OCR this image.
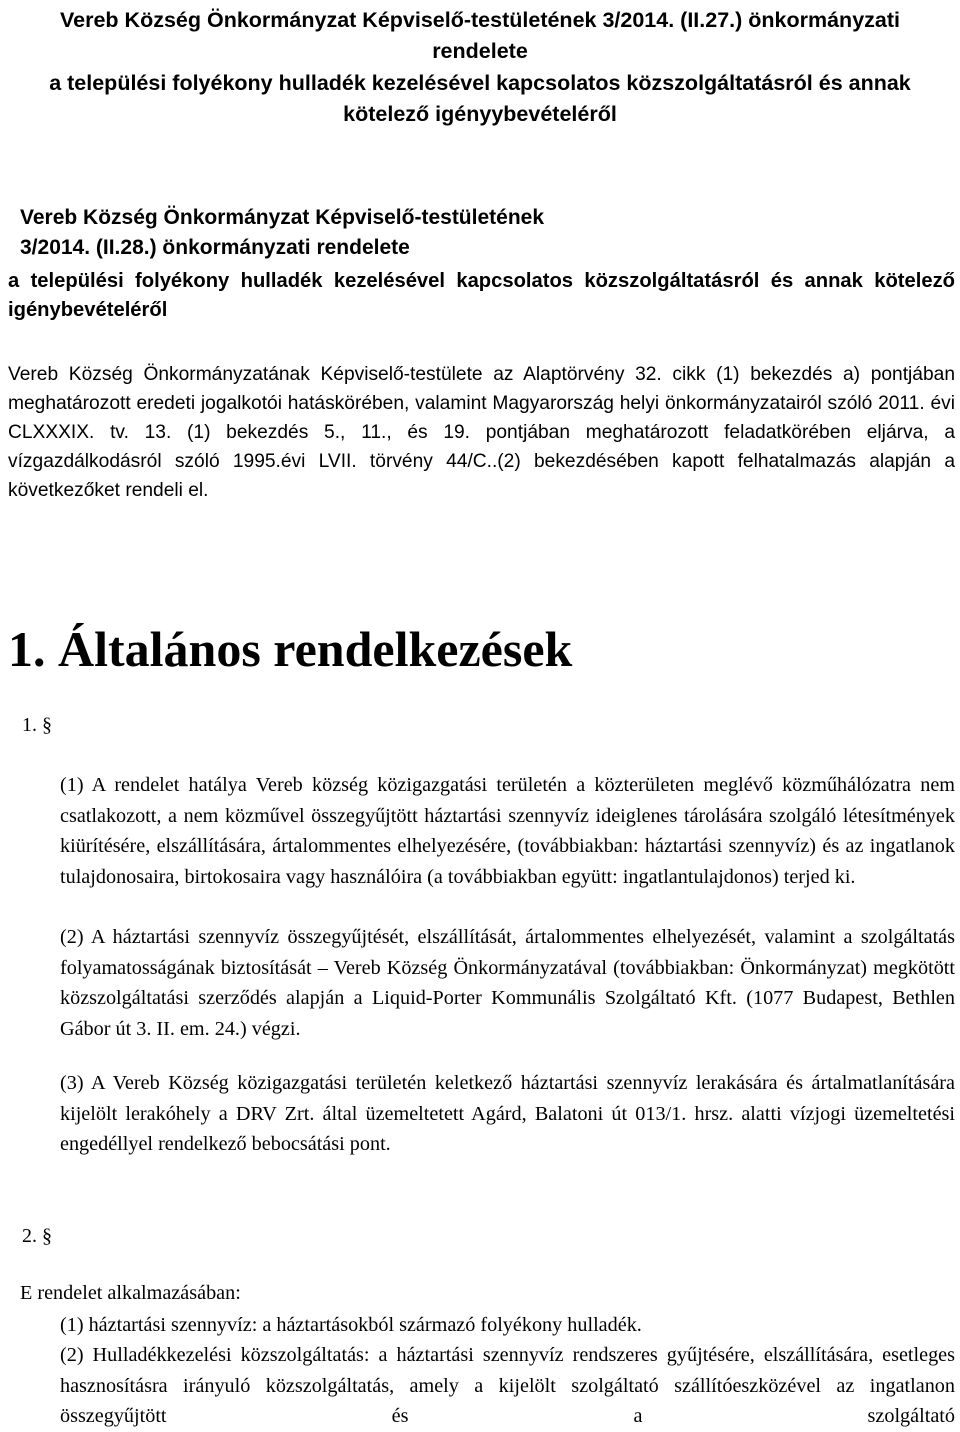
Vereb Község Önkormányzat Képviselő-testületének 3/2014. (II.27.) önkormányzati

rendelete

a települési folyékony hulladék kezelésével kapcsolatos közszolgáltatásról és annak

kötelező igényybevételéről

Vereb Község Önkormányzat Képviselő-testületének

3/2014. (II.28.) önkormányzati rendelete

a települési folyékony hulladék kezelésével kapcsolatos közszolgáltatásról és annak kötelező igénybevételéről

Vereb Község Önkormányzatának Képviselő-testülete az Alaptörvény 32. cikk (1) bekezdés a) pontjában meghatározott eredeti jogalkotói hatáskörében, valamint Magyarország helyi önkormányzatairól szóló 2011. évi CLXXXIX. tv. 13. (1) bekezdés 5., 11., és 19. pontjában meghatározott feladatkörében eljárva, a vízgazdálkodásról szóló 1995.évi LVII. törvény 44/C..(2) bekezdésében kapott felhatalmazás alapján a következőket rendeli el.

1. Általános rendelkezések

1. §

(1) A rendelet hatálya Vereb község közigazgatási területén a közterületen meglévő közműhálózatra nem csatlakozott, a nem közművel összegyűjtött háztartási szennyvíz ideiglenes tárolására szolgáló létesítmények kiürítésére, elszállítására, ártalommentes elhelyezésére, (továbbiakban: háztartási szennyvíz) és az ingatlanok tulajdonosaira, birtokosaira vagy használóira (a továbbiakban együtt: ingatlantulajdonos) terjed ki.

(2) A háztartási szennyvíz összegyűjtését, elszállítását, ártalommentes elhelyezését, valamint a szolgáltatás folyamatosságának biztosítását – Vereb Község Önkormányzatával (továbbiakban: Önkormányzat) megkötött közszolgáltatási szerződés alapján a Liquid-Porter Kommunális Szolgáltató Kft. (1077 Budapest, Bethlen Gábor út 3. II. em. 24.) végzi.

(3) A Vereb Község közigazgatási területén keletkező háztartási szennyvíz lerakására és ártalmatlanítására kijelölt lerakóhely a DRV Zrt. által üzemeltetett Agárd, Balatoni út 013/1. hrsz. alatti vízjogi üzemeltetési engedéllyel rendelkező bebocsátási pont.

2. §

E rendelet alkalmazásában:

(1) háztartási szennyvíz: a háztartásokból származó folyékony hulladék.

(2) Hulladékkezelési közszolgáltatás: a háztartási szennyvíz rendszeres gyűjtésére, elszállítására, esetleges hasznosításra irányuló közszolgáltatás, amely a kijelölt szolgáltató szállítóeszközével az ingatlanon összegyűjtött és a szolgáltató
